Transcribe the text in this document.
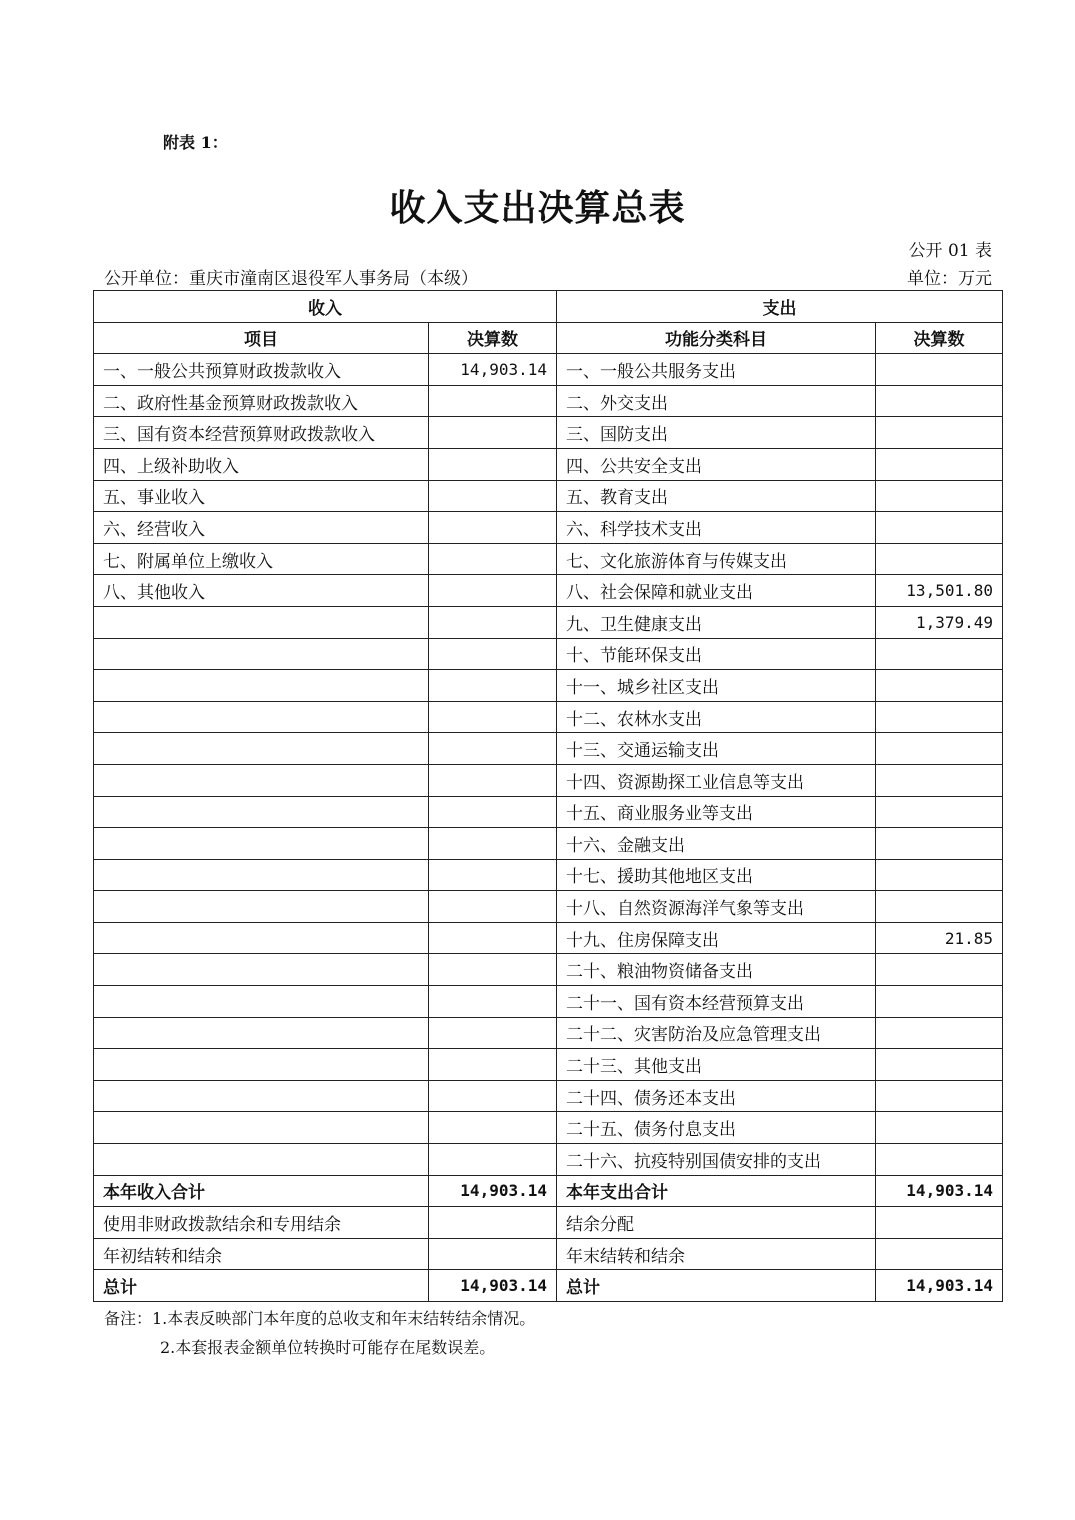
附表 1：
收入支出决算总表
公开 01 表
公开单位：重庆市潼南区退役军人事务局（本级）	单位：万元
收入		支出	
项目	决算数	功能分类科目	决算数
一、一般公共预算财政拨款收入	14,903.14	一、一般公共服务支出	
二、政府性基金预算财政拨款收入		二、外交支出	
三、国有资本经营预算财政拨款收入		三、国防支出	
四、上级补助收入		四、公共安全支出	
五、事业收入		五、教育支出	
六、经营收入		六、科学技术支出	
七、附属单位上缴收入		七、文化旅游体育与传媒支出	
八、其他收入		八、社会保障和就业支出	13,501.80
		九、卫生健康支出	1,379.49
		十、节能环保支出	
		十一、城乡社区支出	
		十二、农林水支出	
		十三、交通运输支出	
		十四、资源勘探工业信息等支出	
		十五、商业服务业等支出	
		十六、金融支出	
		十七、援助其他地区支出	
		十八、自然资源海洋气象等支出	
		十九、住房保障支出	21.85
		二十、粮油物资储备支出	
		二十一、国有资本经营预算支出	
		二十二、灾害防治及应急管理支出	
		二十三、其他支出	
		二十四、债务还本支出	
		二十五、债务付息支出	
		二十六、抗疫特别国债安排的支出	
本年收入合计	14,903.14	本年支出合计	14,903.14
使用非财政拨款结余和专用结余		结余分配	
年初结转和结余		年末结转和结余	
总计	14,903.14	总计	14,903.14
备注：1.本表反映部门本年度的总收支和年末结转结余情况。
2.本套报表金额单位转换时可能存在尾数误差。
